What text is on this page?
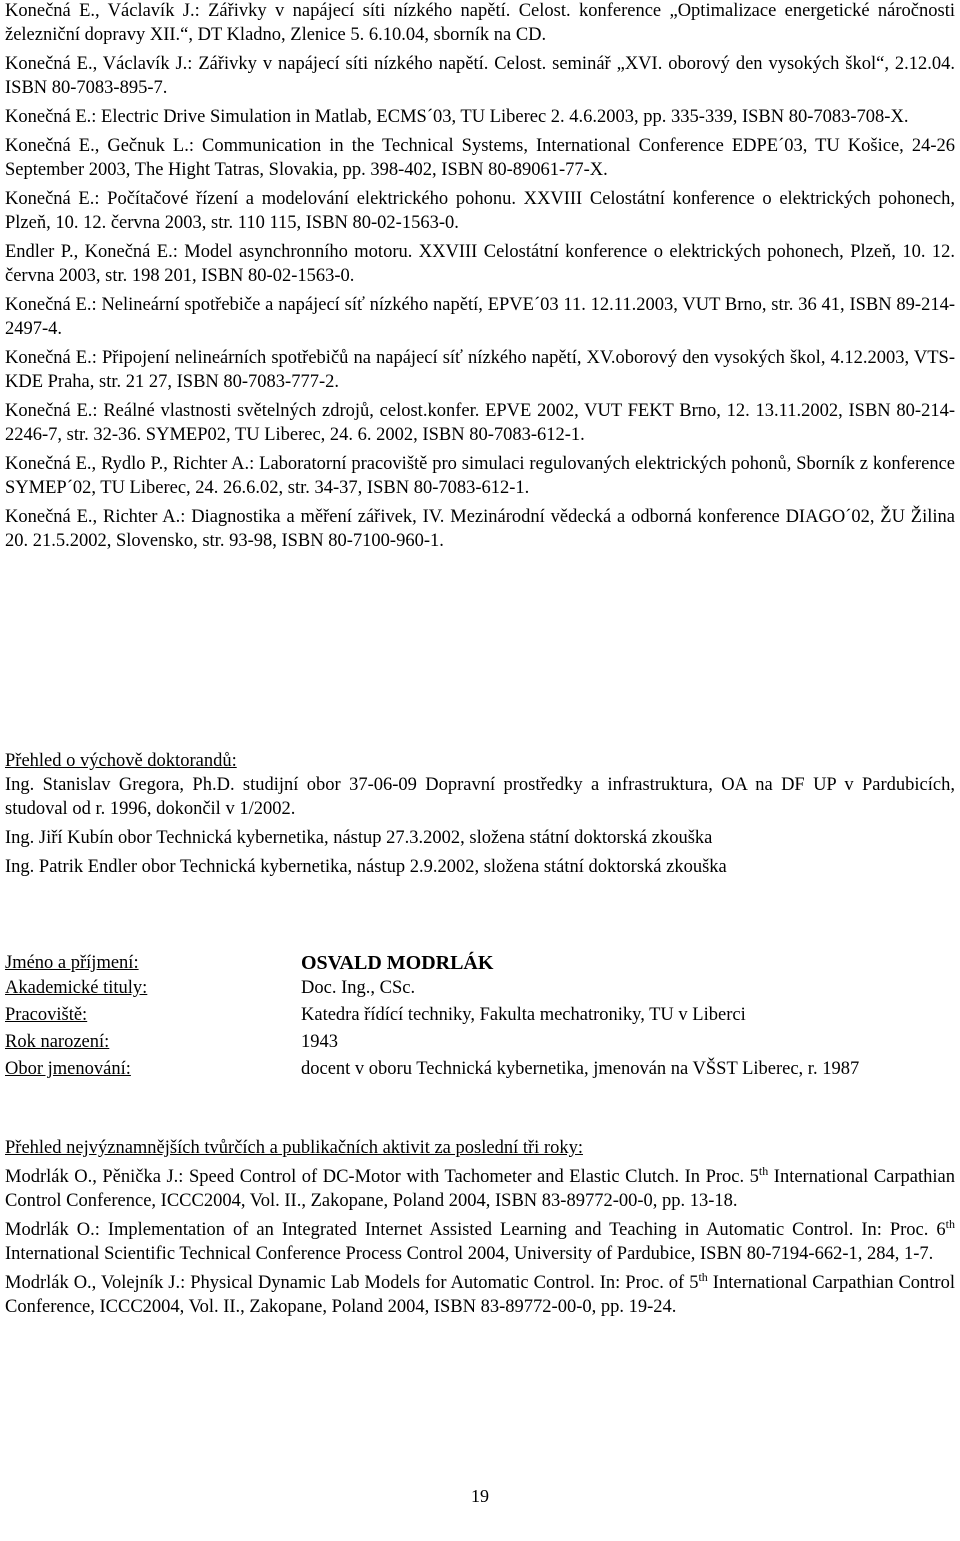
Konečná E., Václavík J.: Zářivky v napájecí síti nízkého napětí. Celost. konference „Optimalizace energetické náročnosti železniční dopravy XII.“, DT Kladno, Zlenice 5. 6.10.04, sborník na CD.

Konečná E., Václavík J.: Zářivky v napájecí síti nízkého napětí. Celost. seminář „XVI. oborový den vysokých škol“, 2.12.04. ISBN 80-7083-895-7.

Konečná E.: Electric Drive Simulation in Matlab, ECMS´03, TU Liberec 2. 4.6.2003, pp. 335-339, ISBN 80-7083-708-X.

Konečná E., Gečnuk L.: Communication in the Technical Systems, International Conference EDPE´03, TU Košice, 24-26 September 2003, The Hight Tatras, Slovakia, pp. 398-402, ISBN 80-89061-77-X.

Konečná E.: Počítačové řízení a modelování elektrického pohonu. XXVIII Celostátní konference o elektrických pohonech, Plzeň, 10. 12. června 2003, str. 110 115, ISBN 80-02-1563-0.

Endler P., Konečná E.: Model asynchronního motoru. XXVIII Celostátní konference o elektrických pohonech, Plzeň, 10. 12. června 2003, str. 198 201, ISBN 80-02-1563-0.

Konečná E.: Nelineární spotřebiče a napájecí síť nízkého napětí, EPVE´03 11. 12.11.2003, VUT Brno, str. 36 41, ISBN 89-214-2497-4.

Konečná E.: Připojení nelineárních spotřebičů na napájecí síť nízkého napětí, XV.oborový den vysokých škol, 4.12.2003, VTS-KDE Praha, str. 21 27, ISBN 80-7083-777-2.

Konečná E.: Reálné vlastnosti světelných zdrojů, celost.konfer. EPVE 2002, VUT FEKT Brno, 12. 13.11.2002, ISBN 80-214-2246-7, str. 32-36. SYMEP02, TU Liberec, 24. 6. 2002, ISBN 80-7083-612-1.

Konečná E., Rydlo P., Richter A.: Laboratorní pracoviště pro simulaci regulovaných elektrických pohonů, Sborník z konference SYMEP´02, TU Liberec, 24. 26.6.02, str. 34-37, ISBN 80-7083-612-1.

Konečná E., Richter A.: Diagnostika a měření zářivek, IV. Mezinárodní vědecká a odborná konference DIAGO´02, ŽU Žilina 20. 21.5.2002, Slovensko, str. 93-98, ISBN 80-7100-960-1.

Přehled o výchově doktorandů:

Ing. Stanislav Gregora, Ph.D. studijní obor 37-06-09 Dopravní prostředky a infrastruktura, OA na DF UP v Pardubicích, studoval od r. 1996, dokončil v 1/2002.

Ing. Jiří Kubín obor Technická kybernetika, nástup 27.3.2002, složena státní doktorská zkouška

Ing. Patrik Endler obor Technická kybernetika, nástup 2.9.2002, složena státní doktorská zkouška

Jméno a příjmení:	OSVALD MODRLÁK
Akademické tituly:	Doc. Ing., CSc.
Pracoviště:	Katedra řídící techniky, Fakulta mechatroniky, TU v Liberci
Rok narození:	1943
Obor jmenování:	docent v oboru Technická kybernetika, jmenován na VŠST Liberec, r. 1987

Přehled nejvýznamnějších tvůrčích a publikačních aktivit za poslední tři roky:

Modrlák O., Pěnička J.: Speed Control of DC-Motor with Tachometer and Elastic Clutch. In Proc. 5th International Carpathian Control Conference, ICCC2004, Vol. II., Zakopane, Poland 2004, ISBN 83-89772-00-0, pp. 13-18.

Modrlák O.: Implementation of an Integrated Internet Assisted Learning and Teaching in Automatic Control. In: Proc. 6th International Scientific Technical Conference Process Control 2004, University of Pardubice, ISBN 80-7194-662-1, 284, 1-7.

Modrlák O., Volejník J.: Physical Dynamic Lab Models for Automatic Control. In: Proc. of 5th International Carpathian Control Conference, ICCC2004, Vol. II., Zakopane, Poland 2004, ISBN 83-89772-00-0, pp. 19-24.

19
